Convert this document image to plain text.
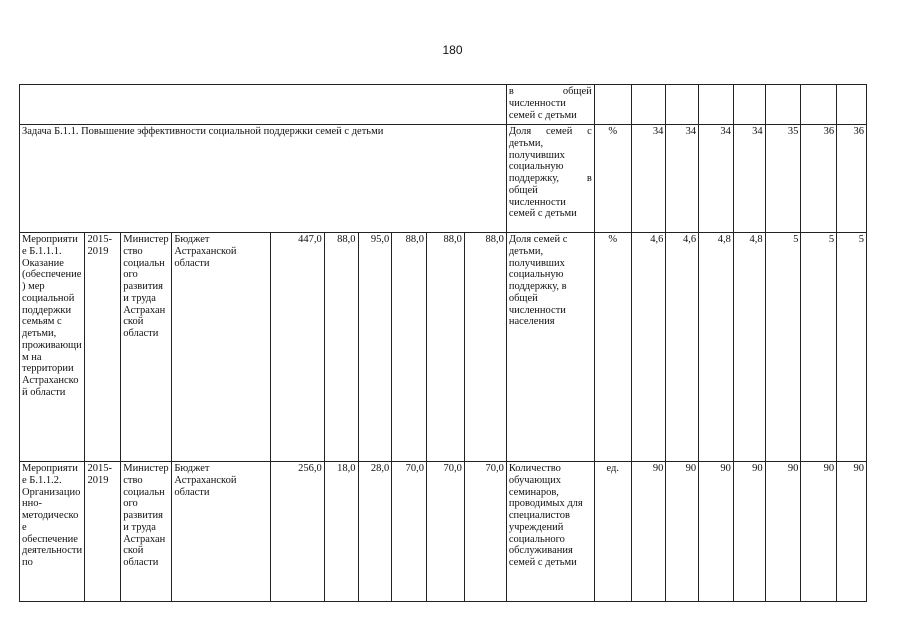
180
										в общей численности семей с детьми								
Задача Б.1.1. Повышение эффективности социальной поддержки семей с детьми										Доля семей с детьми, получивших социальную поддержку, в общей численности семей с детьми	%	34	34	34	34	35	36	36
Мероприятие Б.1.1.1. Оказание (обеспечение) мер социальной поддержки семьям с детьми, проживающим на территории Астраханской области	2015-2019	Министерство социального развития и труда Астраханской области	Бюджет Астраханской области	447,0	88,0	95,0	88,0	88,0	88,0	Доля семей с детьми, получивших социальную поддержку, в общей численности населения	%	4,6	4,6	4,8	4,8	5	5	5
Мероприятие Б.1.1.2. Организационно-методическое обеспечение деятельности по	2015-2019	Министерство социального развития и труда Астраханской области	Бюджет Астраханской области	256,0	18,0	28,0	70,0	70,0	70,0	Количество обучающих семинаров, проводимых для специалистов учреждений социального обслуживания семей с детьми	ед.	90	90	90	90	90	90	90
